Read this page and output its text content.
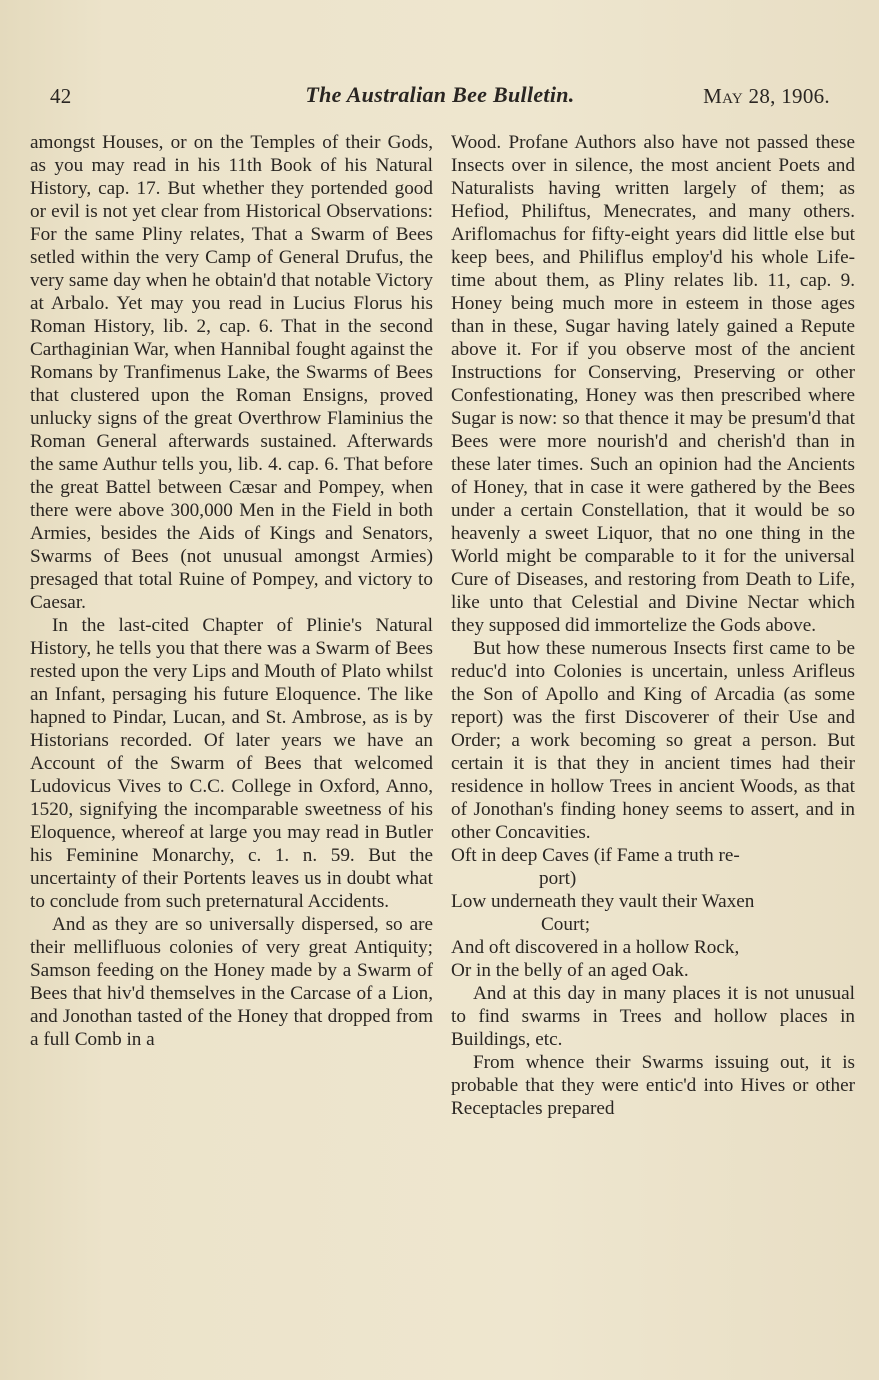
42	The Australian Bee Bulletin.	May 28, 1906.

amongst Houses, or on the Temples of their Gods, as you may read in his 11th Book of his Natural History, cap. 17. But whether they portended good or evil is not yet clear from Historical Observations: For the same Pliny relates, That a Swarm of Bees setled within the very Camp of General Drufus, the very same day when he obtain'd that notable Victory at Arbalo. Yet may you read in Lucius Florus his Roman History, lib. 2, cap. 6. That in the second Carthaginian War, when Hannibal fought against the Romans by Tranfimenus Lake, the Swarms of Bees that clustered upon the Roman Ensigns, proved unlucky signs of the great Overthrow Flaminius the Roman General afterwards sustained. Afterwards the same Authur tells you, lib. 4. cap. 6. That before the great Battel between Cæsar and Pompey, when there were above 300,000 Men in the Field in both Armies, besides the Aids of Kings and Senators, Swarms of Bees (not unusual amongst Armies) presaged that total Ruine of Pompey, and victory to Caesar.

In the last-cited Chapter of Plinie's Natural History, he tells you that there was a Swarm of Bees rested upon the very Lips and Mouth of Plato whilst an Infant, persaging his future Eloquence. The like hapned to Pindar, Lucan, and St. Ambrose, as is by Historians recorded. Of later years we have an Account of the Swarm of Bees that welcomed Ludovicus Vives to C.C. College in Oxford, Anno, 1520, signifying the incomparable sweetness of his Eloquence, whereof at large you may read in Butler his Feminine Monarchy, c. 1. n. 59. But the uncertainty of their Portents leaves us in doubt what to conclude from such preternatural Accidents.

And as they are so universally dispersed, so are their mellifluous colonies of very great Antiquity; Samson feeding on the Honey made by a Swarm of Bees that hiv'd themselves in the Carcase of a Lion, and Jonothan tasted of the Honey that dropped from a full Comb in a

Wood. Profane Authors also have not passed these Insects over in silence, the most ancient Poets and Naturalists having written largely of them; as Hefiod, Philiftus, Menecrates, and many others. Ariflomachus for fifty-eight years did little else but keep bees, and Philiflus employ'd his whole Life-time about them, as Pliny relates lib. 11, cap. 9. Honey being much more in esteem in those ages than in these, Sugar having lately gained a Repute above it. For if you observe most of the ancient Instructions for Conserving, Preserving or other Confestionating, Honey was then prescribed where Sugar is now: so that thence it may be presum'd that Bees were more nourish'd and cherish'd than in these later times. Such an opinion had the Ancients of Honey, that in case it were gathered by the Bees under a certain Constellation, that it would be so heavenly a sweet Liquor, that no one thing in the World might be comparable to it for the universal Cure of Diseases, and restoring from Death to Life, like unto that Celestial and Divine Nectar which they supposed did immortelize the Gods above.

But how these numerous Insects first came to be reduc'd into Colonies is uncertain, unless Arifleus the Son of Apollo and King of Arcadia (as some report) was the first Discoverer of their Use and Order; a work becoming so great a person. But certain it is that they in ancient times had their residence in hollow Trees in ancient Woods, as that of Jonothan's finding honey seems to assert, and in other Concavities.

Oft in deep Caves (if Fame a truth re-
port)
Low underneath they vault their Waxen
Court;
And oft discovered in a hollow Rock,
Or in the belly of an aged Oak.

And at this day in many places it is not unusual to find swarms in Trees and hollow places in Buildings, etc.

From whence their Swarms issuing out, it is probable that they were entic'd into Hives or other Receptacles prepared
